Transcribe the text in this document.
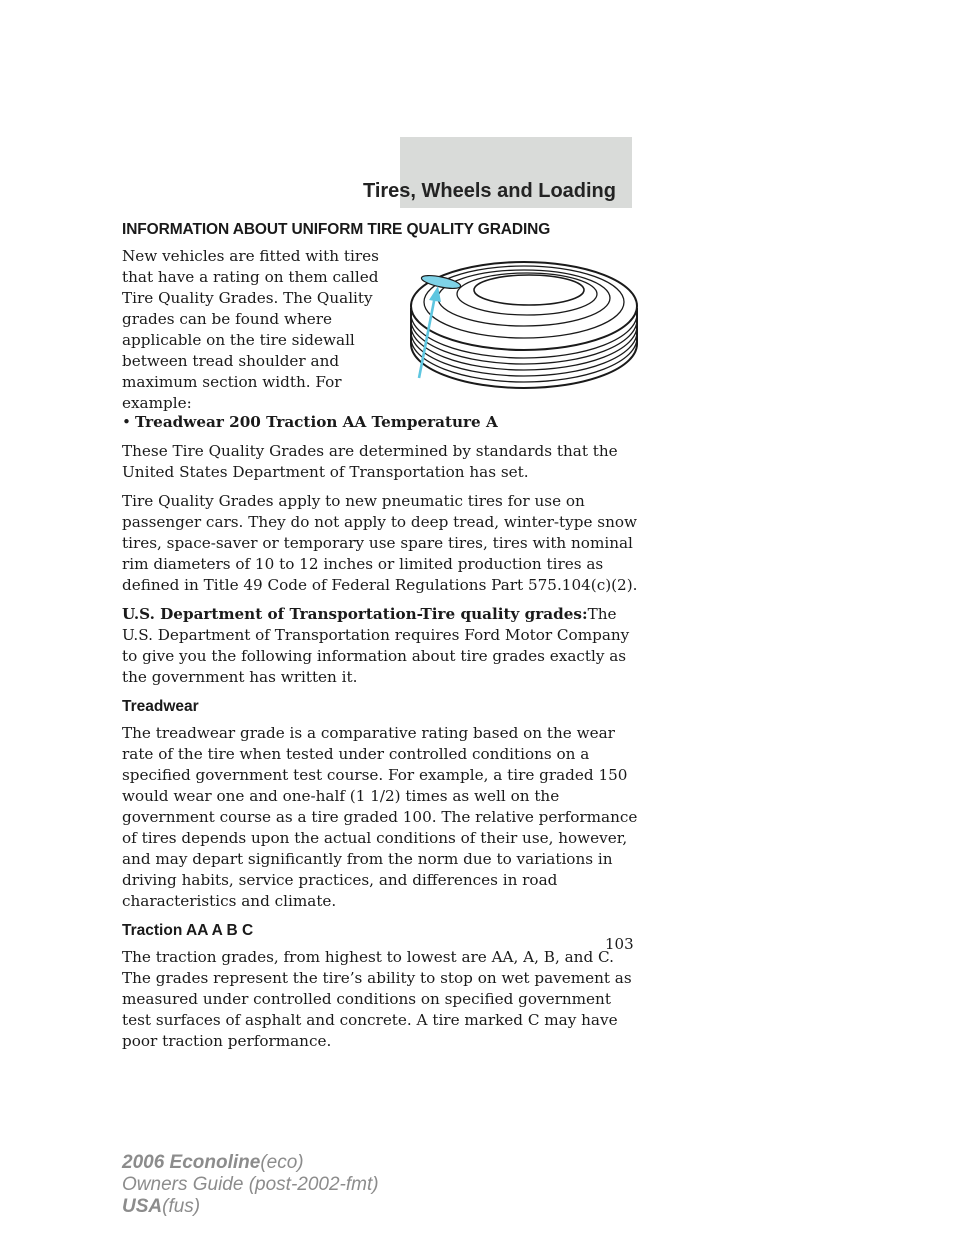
Tires, Wheels and Loading
INFORMATION ABOUT UNIFORM TIRE QUALITY GRADING
New vehicles are fitted with tires that have a rating on them called Tire Quality Grades. The Quality grades can be found where applicable on the tire sidewall between tread shoulder and maximum section width. For example:

• Treadwear 200 Traction AA Temperature A

These Tire Quality Grades are determined by standards that the United States Department of Transportation has set.

Tire Quality Grades apply to new pneumatic tires for use on passenger cars. They do not apply to deep tread, winter-type snow tires, space-saver or temporary use spare tires, tires with nominal rim diameters of 10 to 12 inches or limited production tires as defined in Title 49 Code of Federal Regulations Part 575.104(c)(2).

U.S. Department of Transportation-Tire quality grades:The U.S. Department of Transportation requires Ford Motor Company to give you the following information about tire grades exactly as the government has written it.

Treadwear

The treadwear grade is a comparative rating based on the wear rate of the tire when tested under controlled conditions on a specified government test course. For example, a tire graded 150 would wear one and one-half (1 1/2) times as well on the government course as a tire graded 100. The relative performance of tires depends upon the actual conditions of their use, however, and may depart significantly from the norm due to variations in driving habits, service practices, and differences in road characteristics and climate.

Traction AA A B C

The traction grades, from highest to lowest are AA, A, B, and C. The grades represent the tire’s ability to stop on wet pavement as measured under controlled conditions on specified government test surfaces of asphalt and concrete. A tire marked C may have poor traction performance.

103
2006 Econoline(eco)
Owners Guide (post-2002-fmt)
USA(fus)
